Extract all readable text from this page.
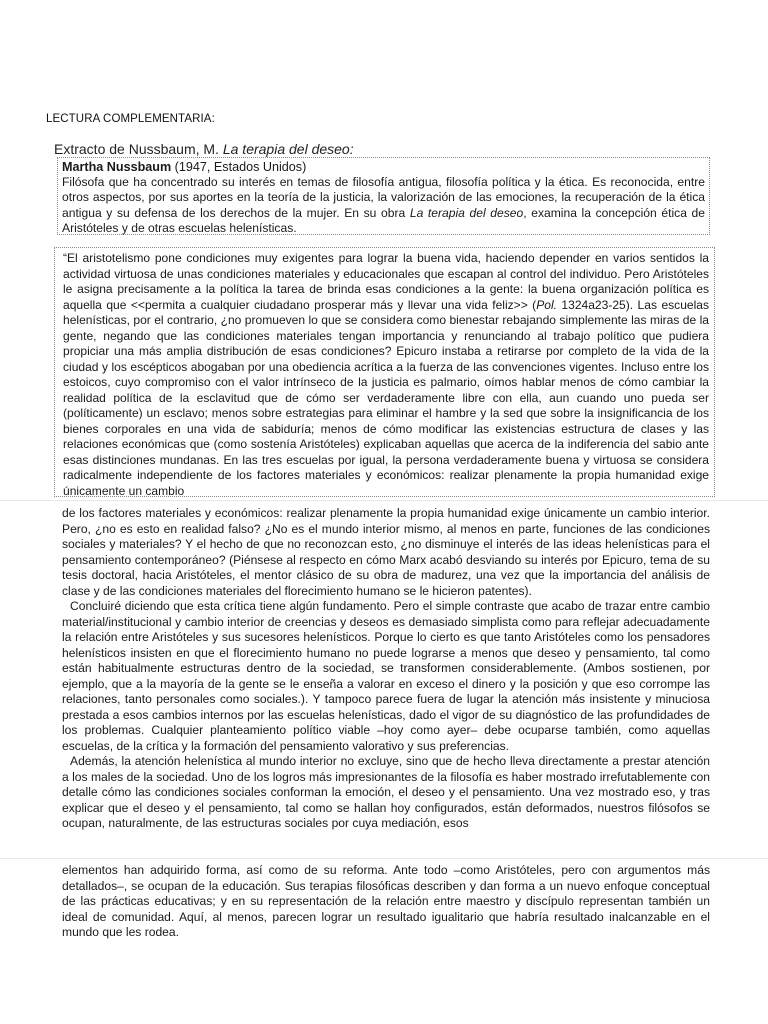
LECTURA COMPLEMENTARIA:
Extracto de Nussbaum, M. La terapia del deseo:
Martha Nussbaum (1947, Estados Unidos)

Filósofa que ha concentrado su interés en temas de filosofía antigua, filosofía política y la ética. Es reconocida, entre otros aspectos, por sus aportes en la teoría de la justicia, la valorización de las emociones, la recuperación de la ética antigua y su defensa de los derechos de la mujer. En su obra La terapia del deseo, examina la concepción ética de Aristóteles y de otras escuelas helenísticas.

“El aristotelismo pone condiciones muy exigentes para lograr la buena vida, haciendo depender en varios sentidos la actividad virtuosa de unas condiciones materiales y educacionales que escapan al control del individuo. Pero Aristóteles le asigna precisamente a la política la tarea de brinda esas condiciones a la gente: la buena organización política es aquella que <<permita a cualquier ciudadano prosperar más y llevar una vida feliz>> (Pol. 1324a23-25). Las escuelas helenísticas, por el contrario, ¿no promueven lo que se considera como bienestar rebajando simplemente las miras de la gente, negando que las condiciones materiales tengan importancia y renunciando al trabajo político que pudiera propiciar una más amplia distribución de esas condiciones? Epicuro instaba a retirarse por completo de la vida de la ciudad y los escépticos abogaban por una obediencia acrítica a la fuerza de las convenciones vigentes. Incluso entre los estoicos, cuyo compromiso con el valor intrínseco de la justicia es palmario, oímos hablar menos de cómo cambiar la realidad política de la esclavitud que de cómo ser verdaderamente libre con ella, aun cuando uno pueda ser (políticamente) un esclavo; menos sobre estrategias para eliminar el hambre y la sed que sobre la insignificancia de los bienes corporales en una vida de sabiduría; menos de cómo modificar las existencias estructura de clases y las relaciones económicas que (como sostenía Aristóteles) explicaban aquellas que acerca de la indiferencia del sabio ante esas distinciones mundanas. En las tres escuelas por igual, la persona verdaderamente buena y virtuosa se considera radicalmente independiente de los factores materiales y económicos: realizar plenamente la propia humanidad exige únicamente un cambio

de los factores materiales y económicos: realizar plenamente la propia humanidad exige únicamente un cambio interior. Pero, ¿no es esto en realidad falso? ¿No es el mundo interior mismo, al menos en parte, funciones de las condiciones sociales y materiales? Y el hecho de que no reconozcan esto, ¿no disminuye el interés de las ideas helenísticas para el pensamiento contemporáneo? (Piénsese al respecto en cómo Marx acabó desviando su interés por Epicuro, tema de su tesis doctoral, hacia Aristóteles, el mentor clásico de su obra de madurez, una vez que la importancia del análisis de clase y de las condiciones materiales del florecimiento humano se le hicieron patentes).

Concluiré diciendo que esta crítica tiene algún fundamento. Pero el simple contraste que acabo de trazar entre cambio material/institucional y cambio interior de creencias y deseos es demasiado simplista como para reflejar adecuadamente la relación entre Aristóteles y sus sucesores helenísticos. Porque lo cierto es que tanto Aristóteles como los pensadores helenísticos insisten en que el florecimiento humano no puede lograrse a menos que deseo y pensamiento, tal como están habitualmente estructuras dentro de la sociedad, se transformen considerablemente. (Ambos sostienen, por ejemplo, que a la mayoría de la gente se le enseña a valorar en exceso el dinero y la posición y que eso corrompe las relaciones, tanto personales como sociales.). Y tampoco parece fuera de lugar la atención más insistente y minuciosa prestada a esos cambios internos por las escuelas helenísticas, dado el vigor de su diagnóstico de las profundidades de los problemas. Cualquier planteamiento político viable –hoy como ayer– debe ocuparse también, como aquellas escuelas, de la crítica y la formación del pensamiento valorativo y sus preferencias.

Además, la atención helenística al mundo interior no excluye, sino que de hecho lleva directamente a prestar atención a los males de la sociedad. Uno de los logros más impresionantes de la filosofía es haber mostrado irrefutablemente con detalle cómo las condiciones sociales conforman la emoción, el deseo y el pensamiento. Una vez mostrado eso, y tras explicar que el deseo y el pensamiento, tal como se hallan hoy configurados, están deformados, nuestros filósofos se ocupan, naturalmente, de las estructuras sociales por cuya mediación, esos

elementos han adquirido forma, así como de su reforma. Ante todo –como Aristóteles, pero con argumentos más detallados–, se ocupan de la educación. Sus terapias filosóficas describen y dan forma a un nuevo enfoque conceptual de las prácticas educativas; y en su representación de la relación entre maestro y discípulo representan también un ideal de comunidad. Aquí, al menos, parecen lograr un resultado igualitario que habría resultado inalcanzable en el mundo que les rodea.
